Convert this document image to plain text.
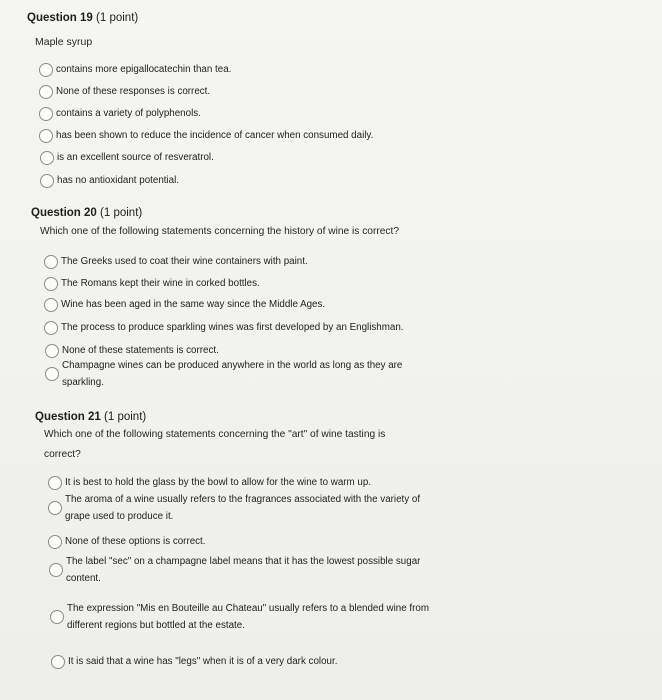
Question 19 (1 point)
Maple syrup
contains more epigallocatechin than tea.
None of these responses is correct.
contains a variety of polyphenols.
has been shown to reduce the incidence of cancer when consumed daily.
is an excellent source of resveratrol.
has no antioxidant potential.
Question 20 (1 point)
Which one of the following statements concerning the history of wine is correct?
The Greeks used to coat their wine containers with paint.
The Romans kept their wine in corked bottles.
Wine has been aged in the same way since the Middle Ages.
The process to produce sparkling wines was first developed by an Englishman.
None of these statements is correct.
Champagne wines can be produced anywhere in the world as long as they are sparkling.
Question 21 (1 point)
Which one of the following statements concerning the "art" of wine tasting is correct?
It is best to hold the glass by the bowl to allow for the wine to warm up.
The aroma of a wine usually refers to the fragrances associated with the variety of grape used to produce it.
None of these options is correct.
The label "sec" on a champagne label means that it has the lowest possible sugar content.
The expression "Mis en Bouteille au Chateau" usually refers to a blended wine from different regions but bottled at the estate.
It is said that a wine has "legs" when it is of a very dark colour.
